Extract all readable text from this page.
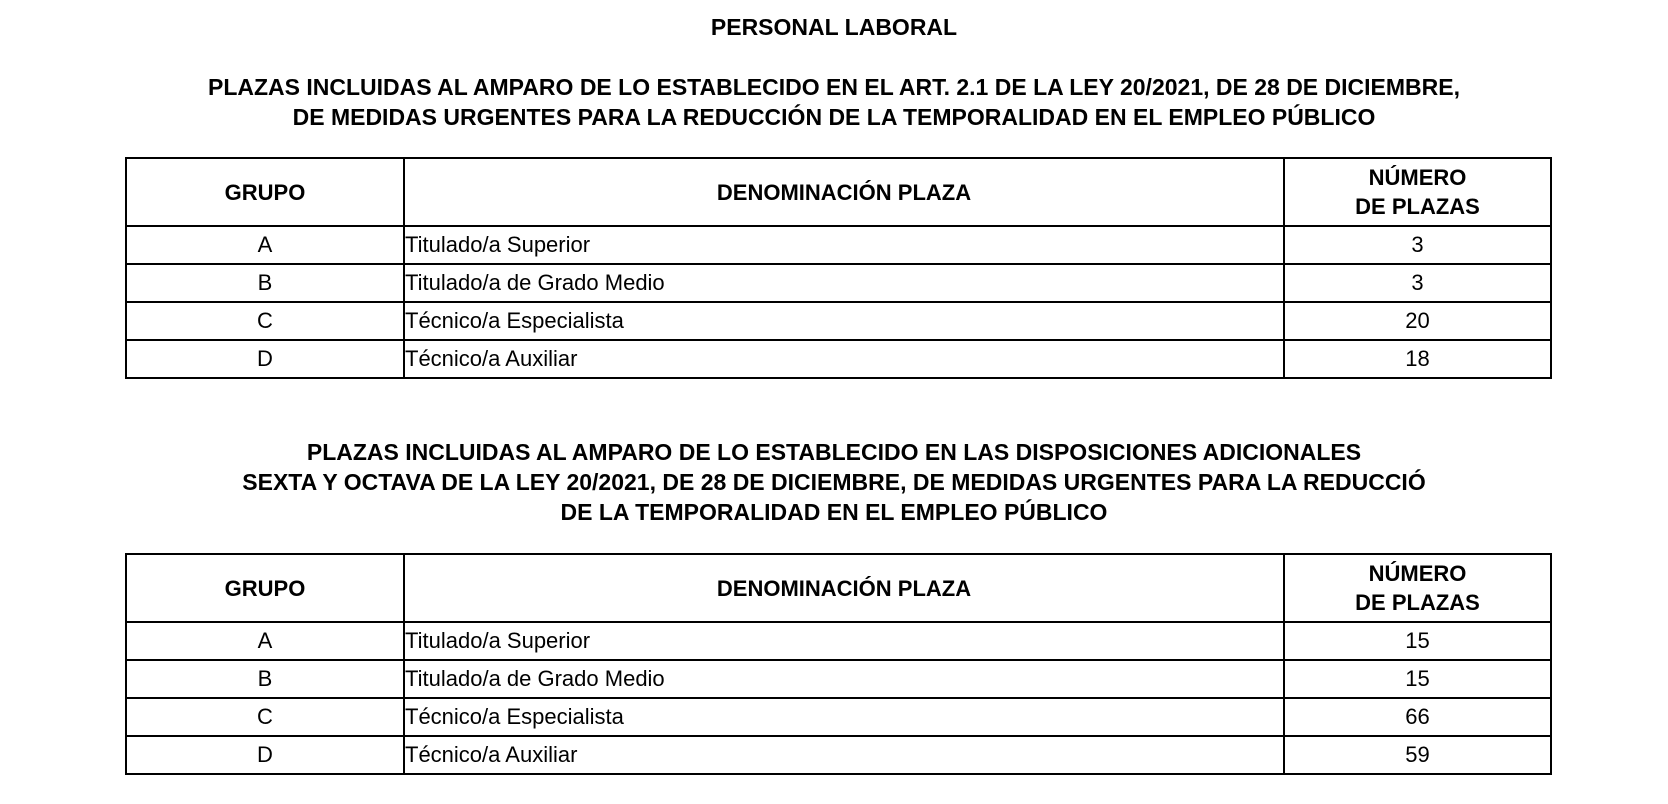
PERSONAL LABORAL
PLAZAS INCLUIDAS AL AMPARO DE LO ESTABLECIDO EN EL ART. 2.1 DE LA LEY 20/2021, DE 28 DE DICIEMBRE,
DE MEDIDAS URGENTES PARA LA REDUCCIÓN DE LA TEMPORALIDAD EN EL EMPLEO PÚBLICO
GRUPO	DENOMINACIÓN PLAZA	NÚMERO
DE PLAZAS

A	Titulado/a Superior	3
B	Titulado/a de Grado Medio	3
C	Técnico/a Especialista	20
D	Técnico/a Auxiliar	18
PLAZAS INCLUIDAS AL AMPARO DE LO ESTABLECIDO EN LAS DISPOSICIONES ADICIONALES
SEXTA Y OCTAVA DE LA LEY 20/2021, DE 28 DE DICIEMBRE, DE MEDIDAS URGENTES PARA LA REDUCCIÓ
DE LA TEMPORALIDAD EN EL EMPLEO PÚBLICO
GRUPO	DENOMINACIÓN PLAZA	NÚMERO
DE PLAZAS

A	Titulado/a Superior	15
B	Titulado/a de Grado Medio	15
C	Técnico/a Especialista	66
D	Técnico/a Auxiliar	59
